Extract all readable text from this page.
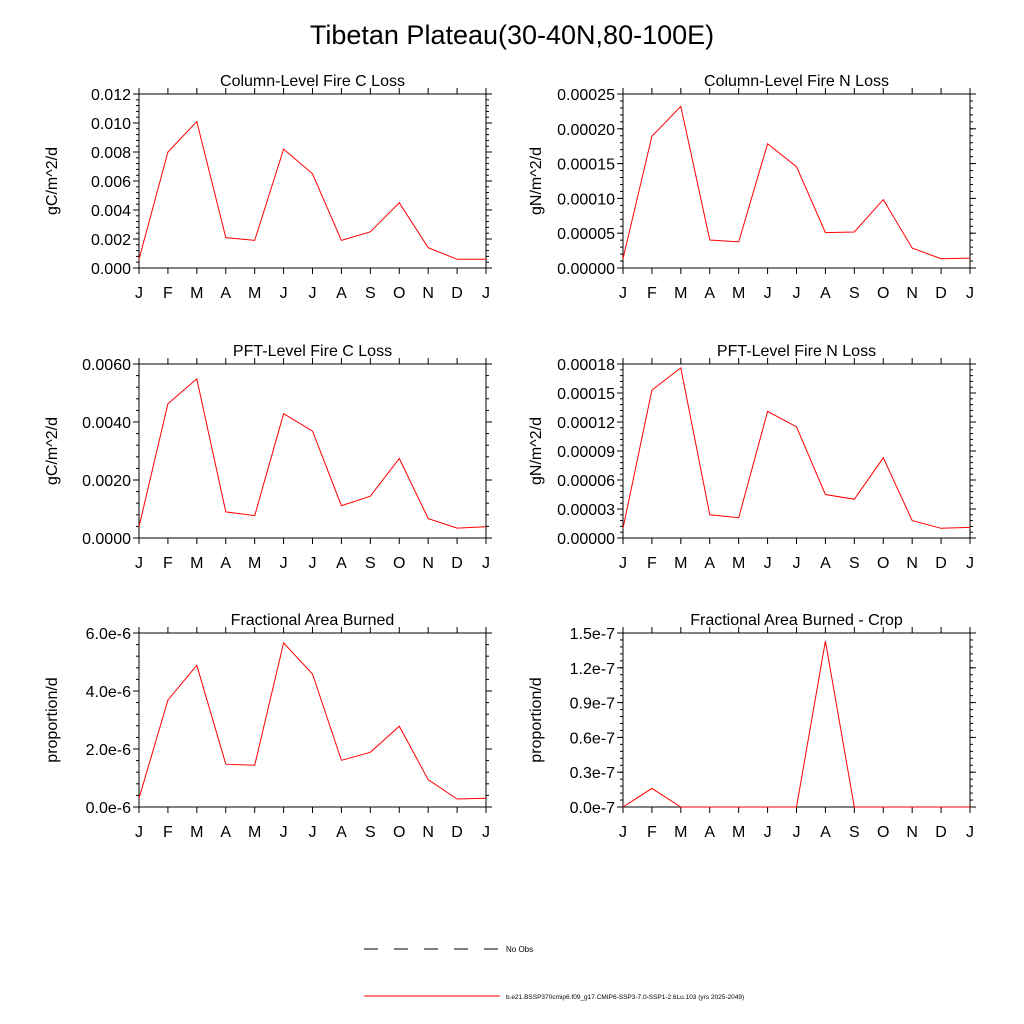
Tibetan Plateau(30-40N,80-100E)
Column-Level Fire C Loss
gC/m^2/d
0.000
0.002
0.004
0.006
0.008
0.010
0.012
J F M A M J J A S O N D J
Column-Level Fire N Loss
gN/m^2/d
0.00000
0.00005
0.00010
0.00015
0.00020
0.00025
J F M A M J J A S O N D J
PFT-Level Fire C Loss
gC/m^2/d
0.0000
0.0020
0.0040
0.0060
J F M A M J J A S O N D J
PFT-Level Fire N Loss
gN/m^2/d
0.00000
0.00003
0.00006
0.00009
0.00012
0.00015
0.00018
J F M A M J J A S O N D J
Fractional Area Burned
proportion/d
0.0e-6
2.0e-6
4.0e-6
6.0e-6
J F M A M J J A S O N D J
Fractional Area Burned - Crop
proportion/d
0.0e-7
0.3e-7
0.6e-7
0.9e-7
1.2e-7
1.5e-7
J F M A M J J A S O N D J
No Obs
b.e21.BSSP370cmip6.f09_g17.CMIP6-SSP3-7.0-SSP1-2.6Lu.103 (yrs 2025-2049)
